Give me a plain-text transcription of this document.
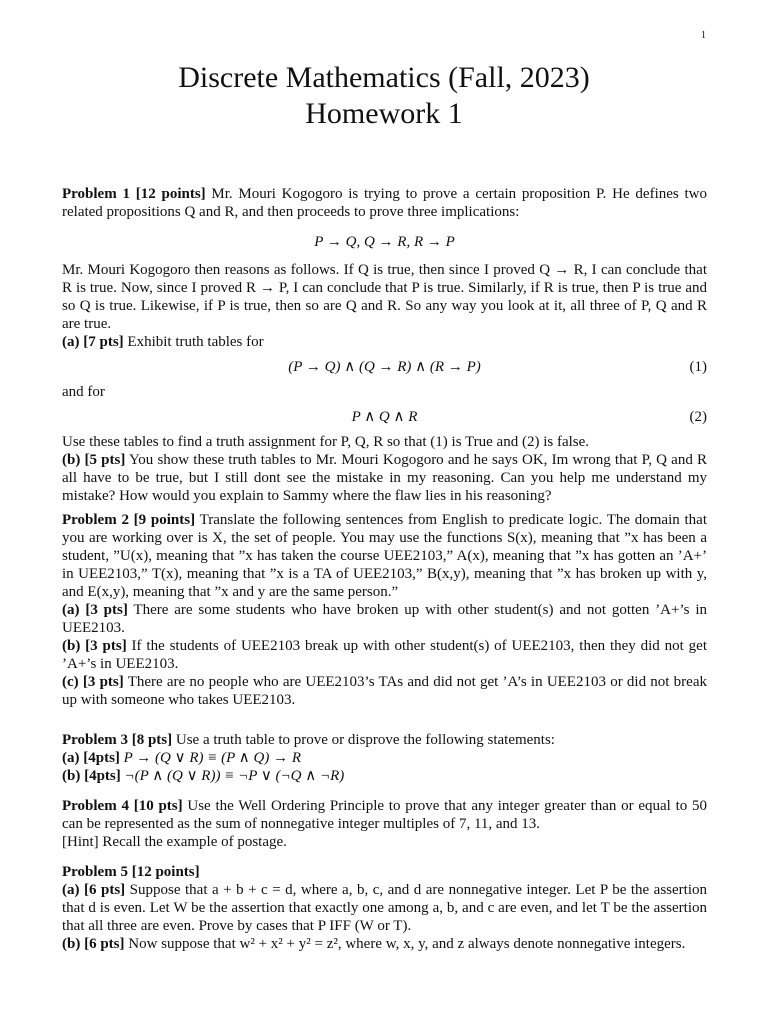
1
Discrete Mathematics (Fall, 2023)
Homework 1

Problem 1 [12 points] Mr. Mouri Kogogoro is trying to prove a certain proposition P. He defines two related propositions Q and R, and then proceeds to prove three implications:

P → Q, Q → R, R → P

Mr. Mouri Kogogoro then reasons as follows. If Q is true, then since I proved Q → R, I can conclude that R is true. Now, since I proved R → P, I can conclude that P is true. Similarly, if R is true, then P is true and so Q is true. Likewise, if P is true, then so are Q and R. So any way you look at it, all three of P, Q and R are true.

(a) [7 pts] Exhibit truth tables for

(P → Q) ∧ (Q → R) ∧ (R → P)	(1)

and for

P ∧ Q ∧ R	(2)

Use these tables to find a truth assignment for P, Q, R so that (1) is True and (2) is false.

(b) [5 pts] You show these truth tables to Mr. Mouri Kogogoro and he says OK, Im wrong that P, Q and R all have to be true, but I still dont see the mistake in my reasoning. Can you help me understand my mistake? How would you explain to Sammy where the flaw lies in his reasoning?

Problem 2 [9 points] Translate the following sentences from English to predicate logic. The domain that you are working over is X, the set of people. You may use the functions S(x), meaning that ”x has been a student, ”U(x), meaning that ”x has taken the course UEE2103,” A(x), meaning that ”x has gotten an ’A+’ in UEE2103,” T(x), meaning that ”x is a TA of UEE2103,” B(x,y), meaning that ”x has broken up with y, and E(x,y), meaning that ”x and y are the same person.”

(a) [3 pts] There are some students who have broken up with other student(s) and not gotten ’A+’s in UEE2103.

(b) [3 pts] If the students of UEE2103 break up with other student(s) of UEE2103, then they did not get ’A+’s in UEE2103.

(c) [3 pts] There are no people who are UEE2103’s TAs and did not get ’A’s in UEE2103 or did not break up with someone who takes UEE2103.

Problem 3 [8 pts] Use a truth table to prove or disprove the following statements:

(a) [4pts] P → (Q ∨ R) ≡ (P ∧ Q) → R

(b) [4pts] ¬(P ∧ (Q ∨ R)) ≡ ¬P ∨ (¬Q ∧ ¬R)

Problem 4 [10 pts] Use the Well Ordering Principle to prove that any integer greater than or equal to 50 can be represented as the sum of nonnegative integer multiples of 7, 11, and 13.

[Hint] Recall the example of postage.

Problem 5 [12 points]

(a) [6 pts] Suppose that a + b + c = d, where a, b, c, and d are nonnegative integer. Let P be the assertion that d is even. Let W be the assertion that exactly one among a, b, and c are even, and let T be the assertion that all three are even. Prove by cases that P IFF (W or T).

(b) [6 pts] Now suppose that w² + x² + y² = z², where w, x, y, and z always denote nonnegative integers.
